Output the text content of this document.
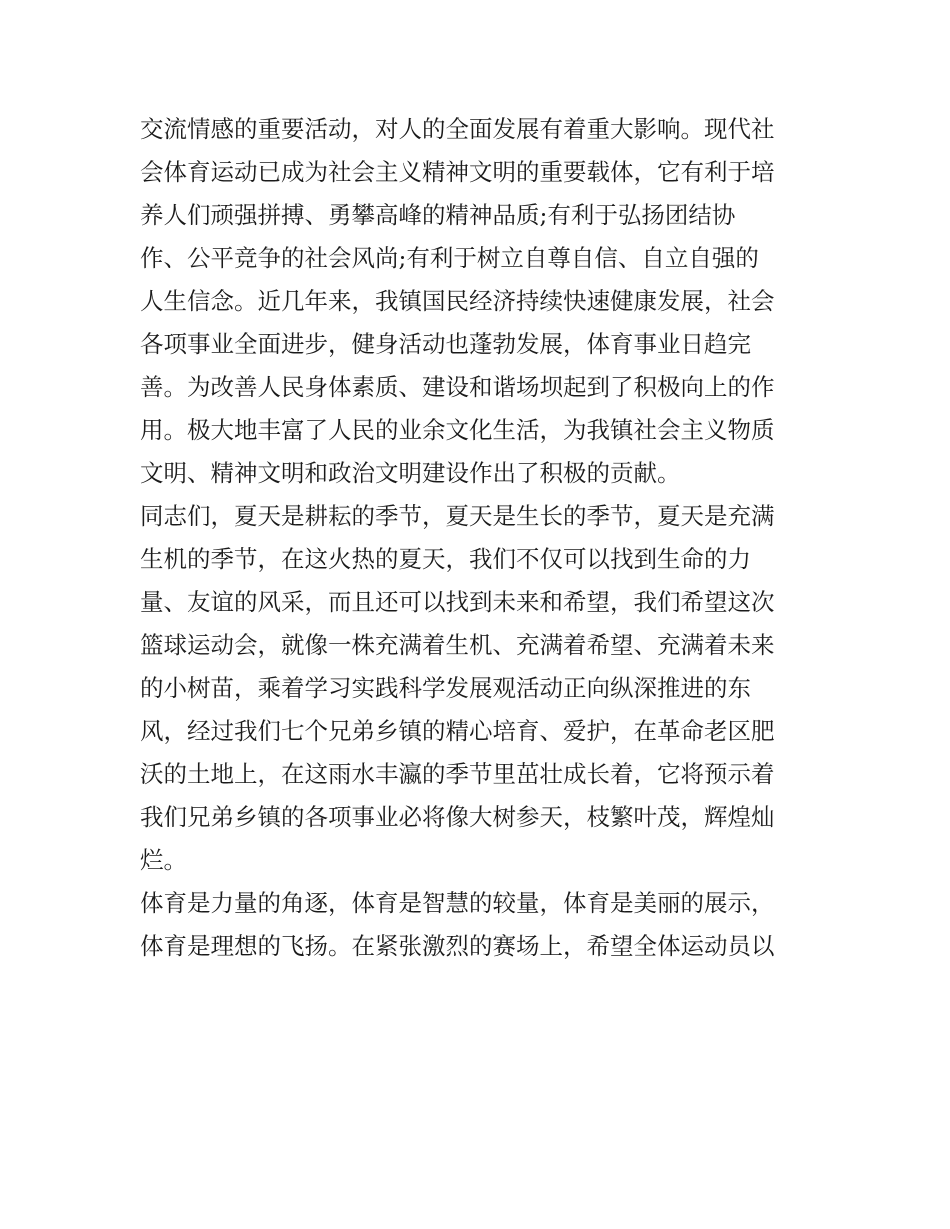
交流情感的重要活动，对人的全面发展有着重大影响。现代社
会体育运动已成为社会主义精神文明的重要载体，它有利于培
养人们顽强拼搏、勇攀高峰的精神品质;有利于弘扬团结协
作、公平竞争的社会风尚;有利于树立自尊自信、自立自强的
人生信念。近几年来，我镇国民经济持续快速健康发展，社会
各项事业全面进步，健身活动也蓬勃发展，体育事业日趋完
善。为改善人民身体素质、建设和谐场坝起到了积极向上的作
用。极大地丰富了人民的业余文化生活，为我镇社会主义物质
文明、精神文明和政治文明建设作出了积极的贡献。
同志们，夏天是耕耘的季节，夏天是生长的季节，夏天是充满
生机的季节，在这火热的夏天，我们不仅可以找到生命的力
量、友谊的风采，而且还可以找到未来和希望，我们希望这次
篮球运动会，就像一株充满着生机、充满着希望、充满着未来
的小树苗，乘着学习实践科学发展观活动正向纵深推进的东
风，经过我们七个兄弟乡镇的精心培育、爱护，在革命老区肥
沃的土地上，在这雨水丰瀛的季节里茁壮成长着，它将预示着
我们兄弟乡镇的各项事业必将像大树参天，枝繁叶茂，辉煌灿
烂。
体育是力量的角逐，体育是智慧的较量，体育是美丽的展示，
体育是理想的飞扬。在紧张激烈的赛场上，希望全体运动员以
